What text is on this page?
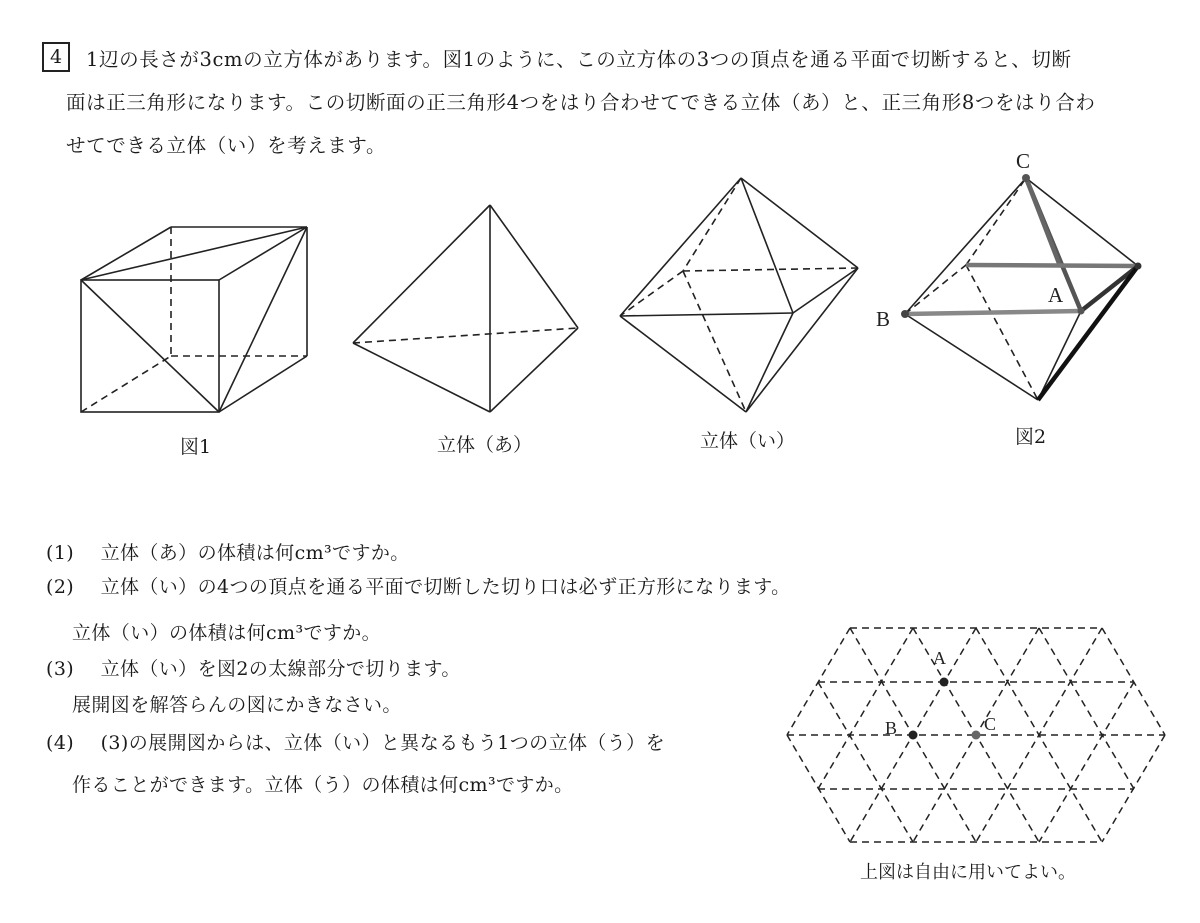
4	1辺の長さが3cmの立方体があります。図1のように、この立方体の3つの頂点を通る平面で切断すると、切断
面は正三角形になります。この切断面の正三角形4つをはり合わせてできる立体（あ）と、正三角形8つをはり合わ
せてできる立体（い）を考えます。
C
B
A
A
B	C
図1	立体（あ）	立体（い）	図2
(1) 立体（あ）の体積は何cm³ですか。
(2) 立体（い）の4つの頂点を通る平面で切断した切り口は必ず正方形になります。
立体（い）の体積は何cm³ですか。
(3) 立体（い）を図2の太線部分で切ります。
展開図を解答らんの図にかきなさい。
(4) (3)の展開図からは、立体（い）と異なるもう1つの立体（う）を
作ることができます。立体（う）の体積は何cm³ですか。
上図は自由に用いてよい。
